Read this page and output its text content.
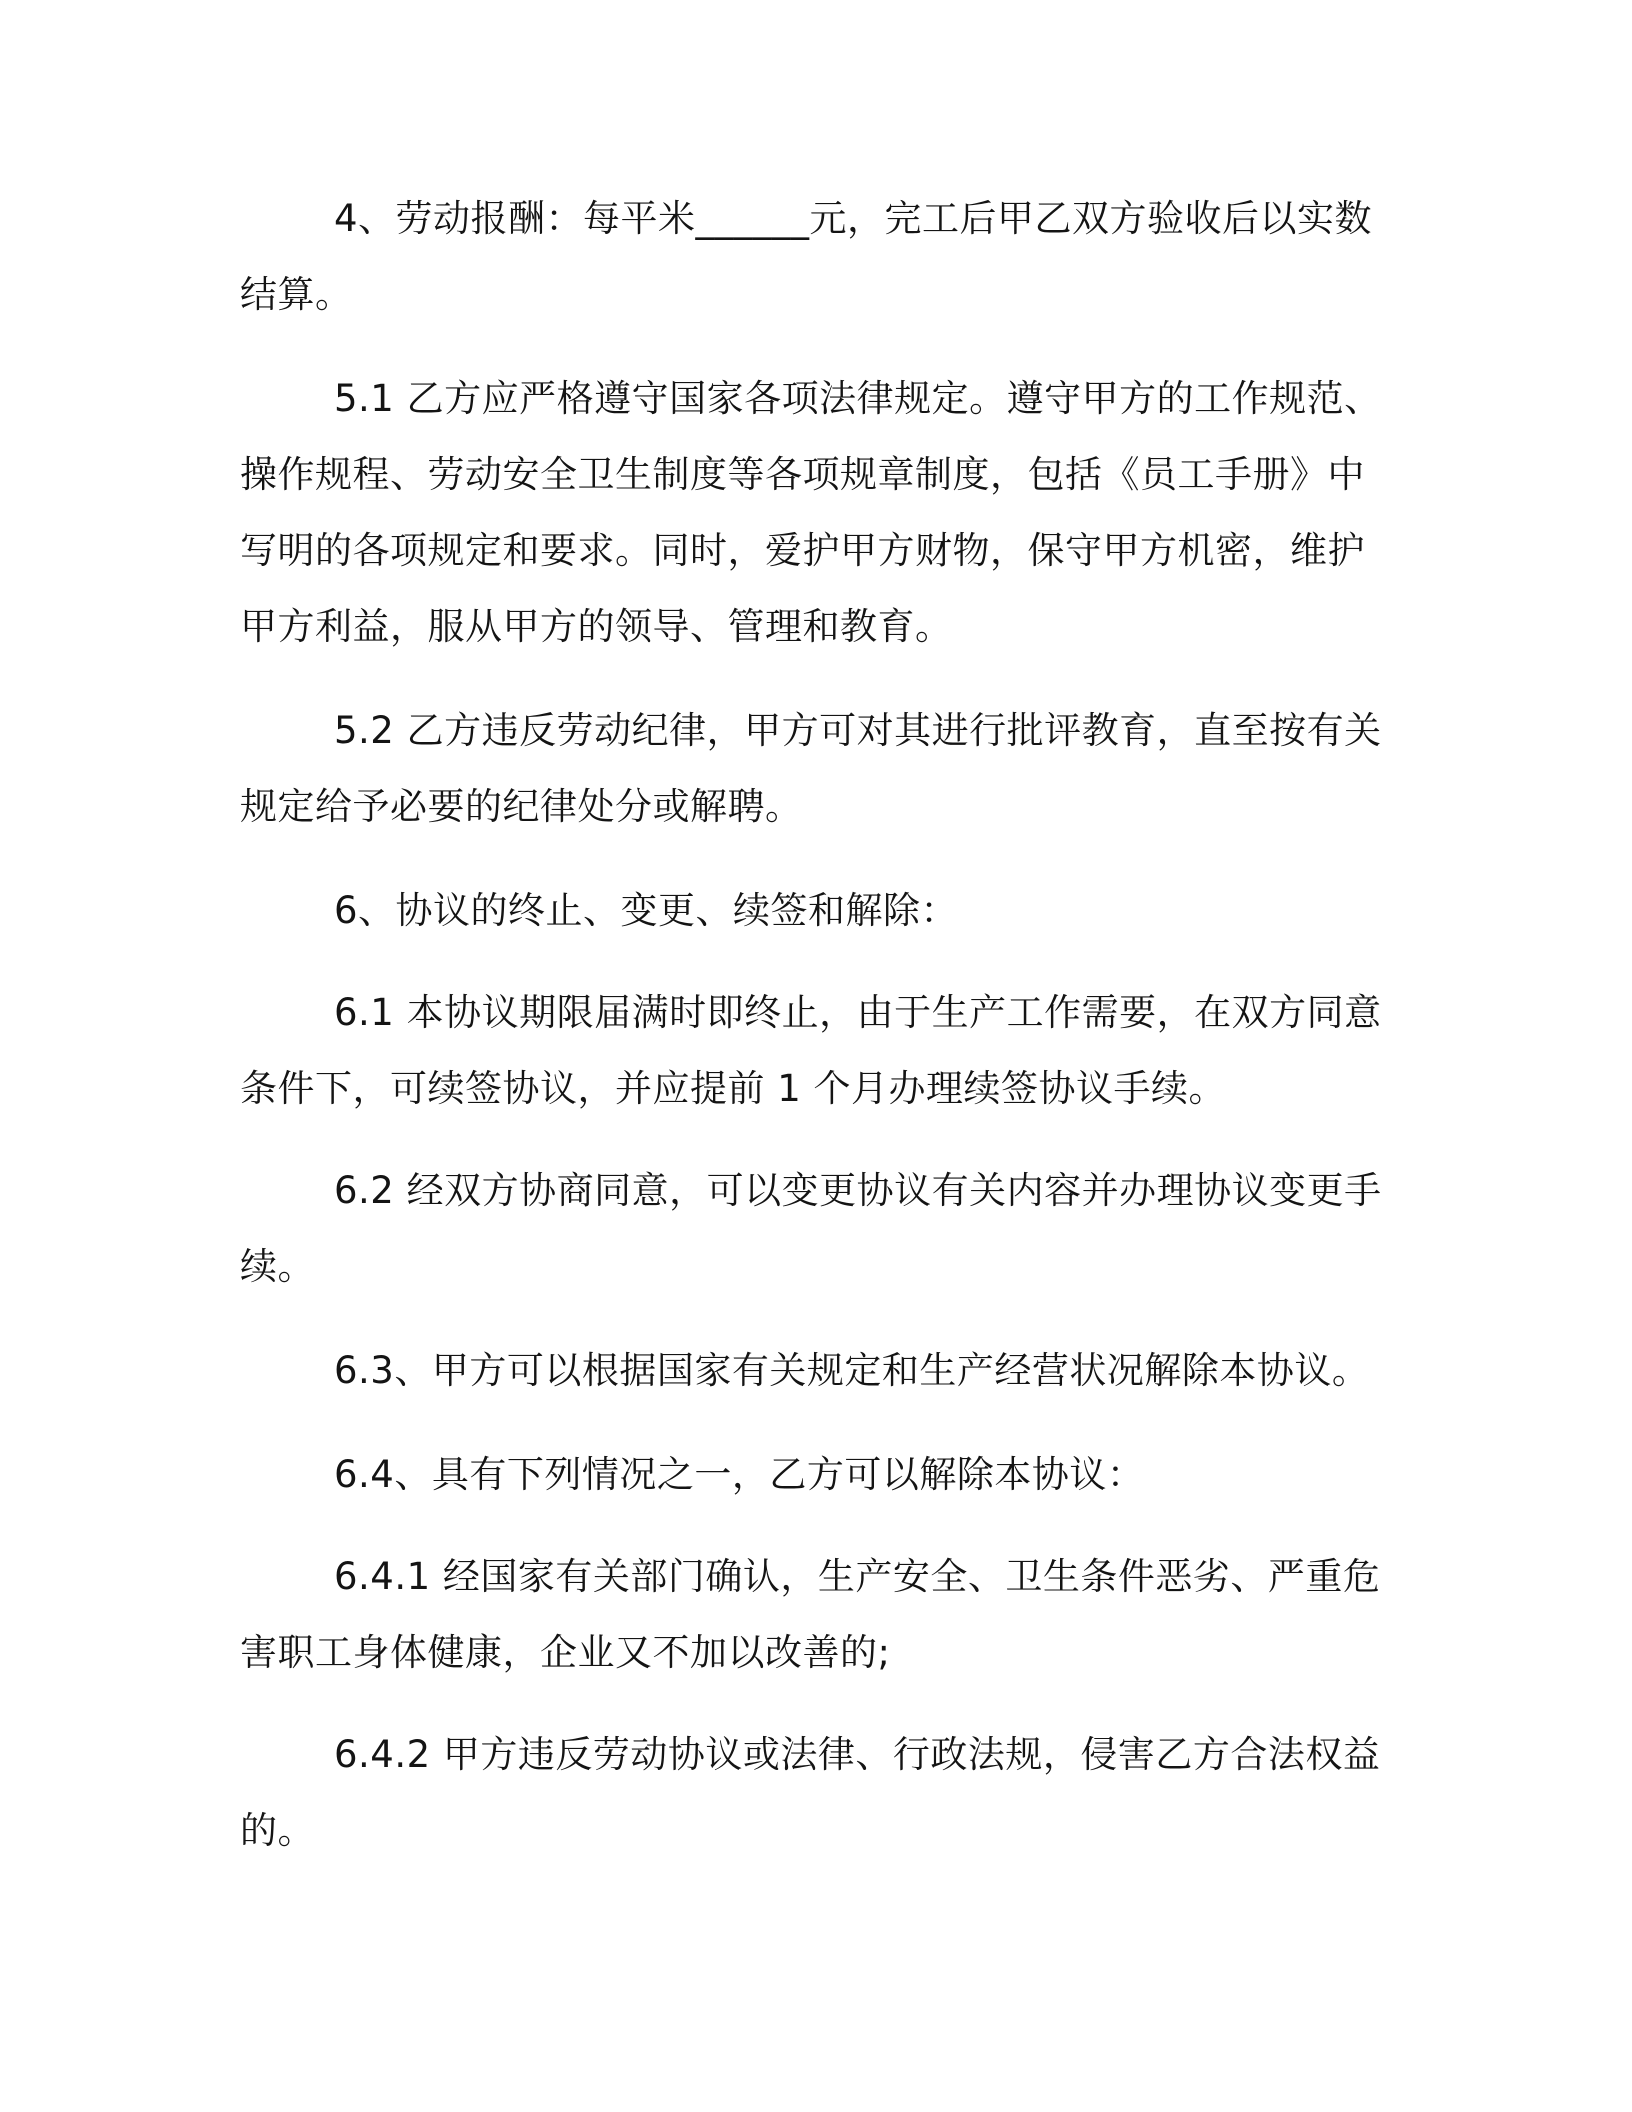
4、劳动报酬：每平米______元，完工后甲乙双方验收后以实数
结算。

5.1 乙方应严格遵守国家各项法律规定。遵守甲方的工作规范、
操作规程、劳动安全卫生制度等各项规章制度，包括《员工手册》中
写明的各项规定和要求。同时，爱护甲方财物，保守甲方机密，维护
甲方利益，服从甲方的领导、管理和教育。

5.2 乙方违反劳动纪律，甲方可对其进行批评教育，直至按有关
规定给予必要的纪律处分或解聘。

6、协议的终止、变更、续签和解除：

6.1 本协议期限届满时即终止，由于生产工作需要，在双方同意
条件下，可续签协议，并应提前 1 个月办理续签协议手续。

6.2 经双方协商同意，可以变更协议有关内容并办理协议变更手
续。

6.3、甲方可以根据国家有关规定和生产经营状况解除本协议。

6.4、具有下列情况之一，乙方可以解除本协议：

6.4.1 经国家有关部门确认，生产安全、卫生条件恶劣、严重危
害职工身体健康，企业又不加以改善的;

6.4.2 甲方违反劳动协议或法律、行政法规，侵害乙方合法权益
的。
